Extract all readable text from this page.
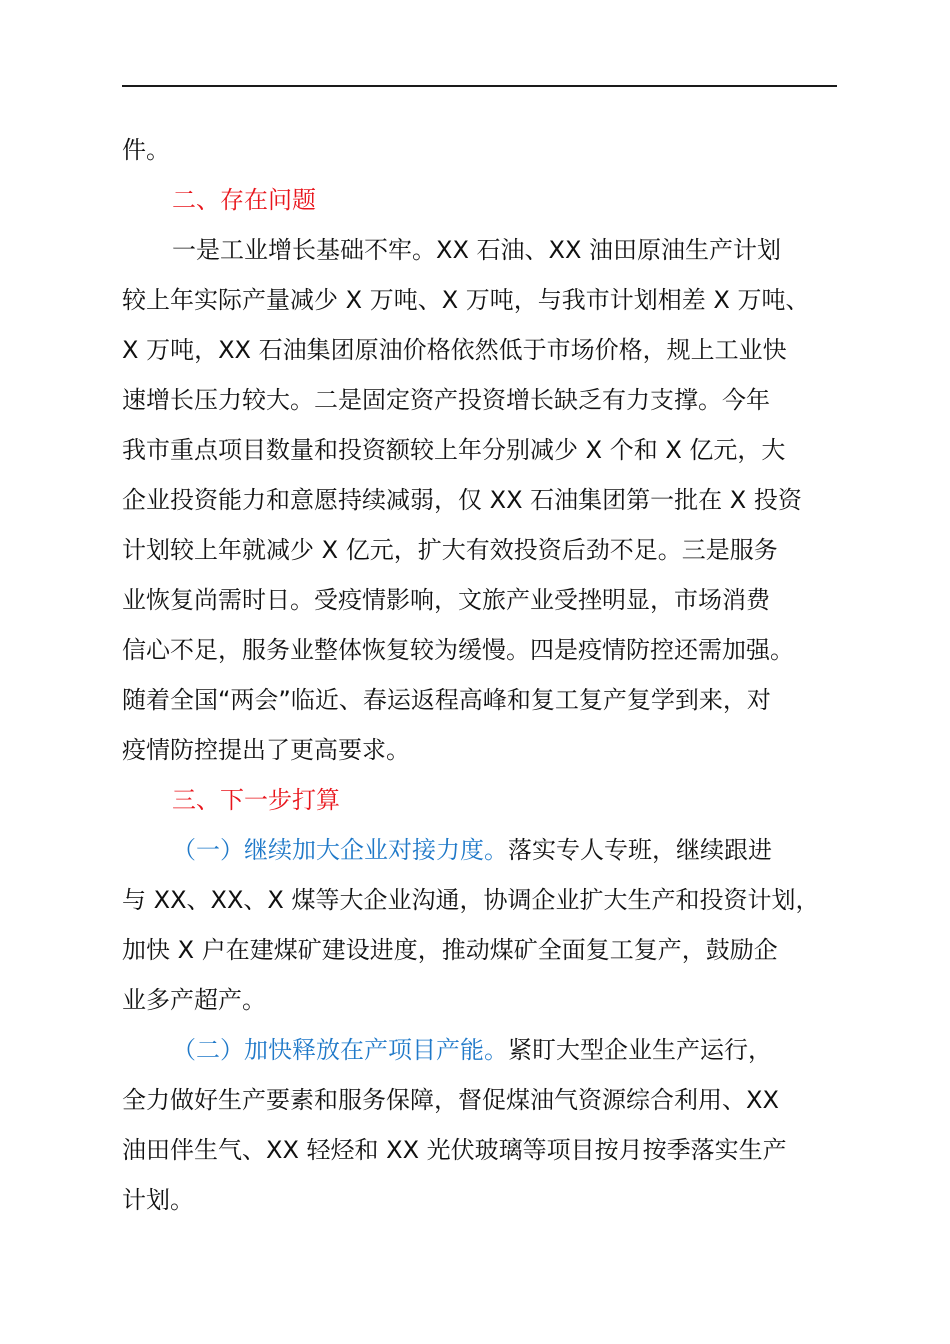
件。
二、存在问题
一是工业增长基础不牢。XX 石油、XX 油田原油生产计划
较上年实际产量减少 X 万吨、X 万吨，与我市计划相差 X 万吨、
X 万吨，XX 石油集团原油价格依然低于市场价格，规上工业快
速增长压力较大。二是固定资产投资增长缺乏有力支撑。今年
我市重点项目数量和投资额较上年分别减少 X 个和 X 亿元，大
企业投资能力和意愿持续减弱，仅 XX 石油集团第一批在 X 投资
计划较上年就减少 X 亿元，扩大有效投资后劲不足。三是服务
业恢复尚需时日。受疫情影响，文旅产业受挫明显，市场消费
信心不足，服务业整体恢复较为缓慢。四是疫情防控还需加强。
随着全国“两会”临近、春运返程高峰和复工复产复学到来，对
疫情防控提出了更高要求。
三、下一步打算
（一）继续加大企业对接力度。落实专人专班，继续跟进
与 XX、XX、X 煤等大企业沟通，协调企业扩大生产和投资计划，
加快 X 户在建煤矿建设进度，推动煤矿全面复工复产，鼓励企
业多产超产。
（二）加快释放在产项目产能。紧盯大型企业生产运行，
全力做好生产要素和服务保障，督促煤油气资源综合利用、XX
油田伴生气、XX 轻烃和 XX 光伏玻璃等项目按月按季落实生产
计划。
